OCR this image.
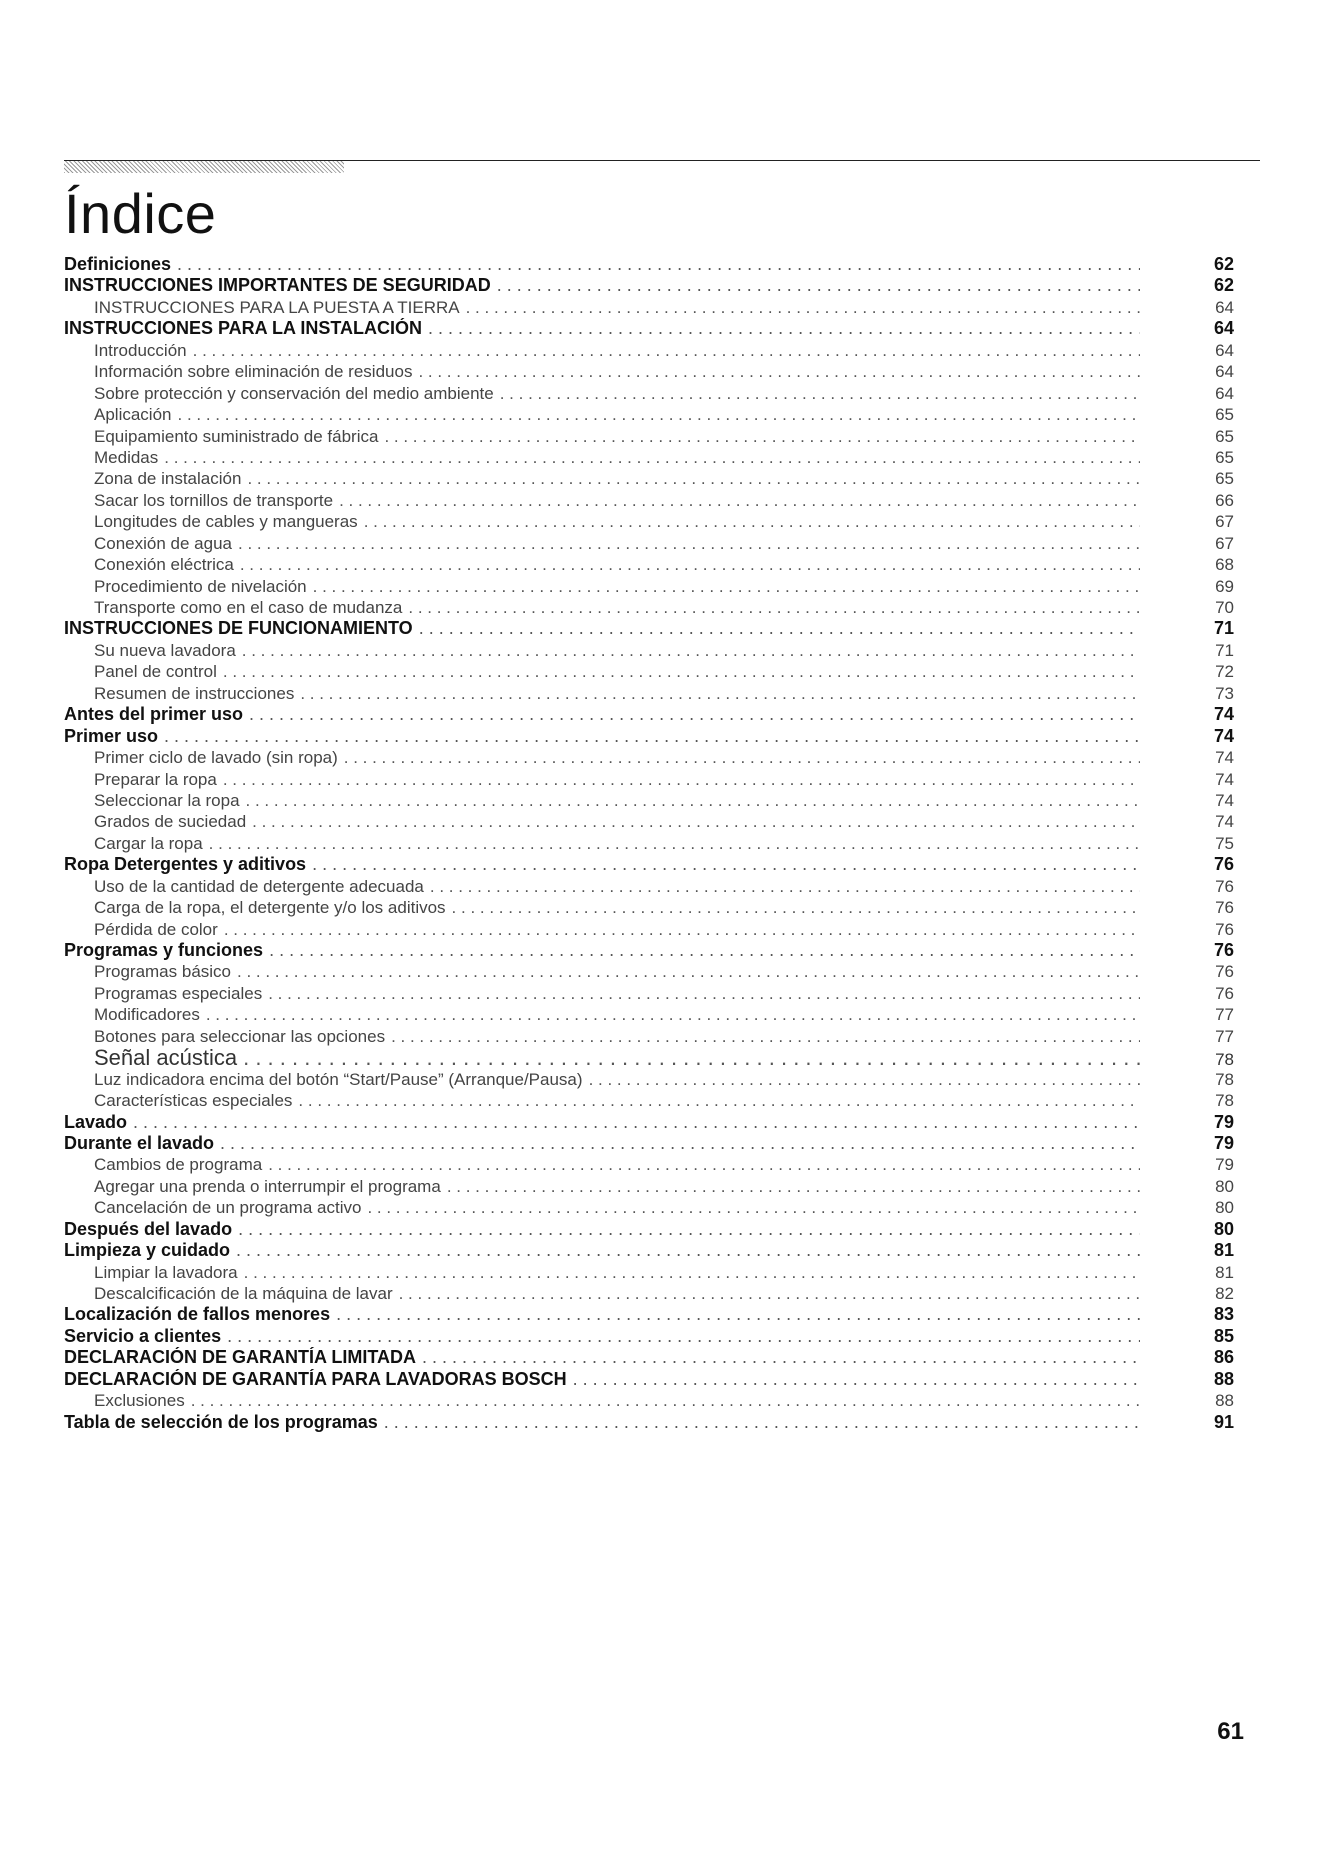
Índice
Definiciones . . .	62
INSTRUCCIONES IMPORTANTES DE SEGURIDAD . . .	62
INSTRUCCIONES PARA LA PUESTA A TIERRA . . .	64
INSTRUCCIONES PARA LA INSTALACIÓN . . .	64
Introducción . . .	64
Información sobre eliminación de residuos . . .	64
Sobre protección y conservación del medio ambiente . . .	64
Aplicación . . .	65
Equipamiento suministrado de fábrica . . .	65
Medidas . . .	65
Zona de instalación . . .	65
Sacar los tornillos de transporte . . .	66
Longitudes de cables y mangueras . . .	67
Conexión de agua . . .	67
Conexión eléctrica . . .	68
Procedimiento de nivelación . . .	69
Transporte como en el caso de mudanza . . .	70
INSTRUCCIONES DE FUNCIONAMIENTO . . .	71
Su nueva lavadora . . .	71
Panel de control . . .	72
Resumen de instrucciones . . .	73
Antes del primer uso . . .	74
Primer uso . . .	74
Primer ciclo de lavado (sin ropa) . . .	74
Preparar la ropa . . .	74
Seleccionar la ropa . . .	74
Grados de suciedad . . .	74
Cargar la ropa . . .	75
Ropa Detergentes y aditivos . . .	76
Uso de la cantidad de detergente adecuada . . .	76
Carga de la ropa, el detergente y/o los aditivos . . .	76
Pérdida de color . . .	76
Programas y funciones . . .	76
Programas básico . . .	76
Programas especiales . . .	76
Modificadores . . .	77
Botones para seleccionar las opciones . . .	77
Señal acústica . . .	78
Luz indicadora encima del botón “Start/Pause” (Arranque/Pausa) . . .	78
Características especiales . . .	78
Lavado . . .	79
Durante el lavado . . .	79
Cambios de programa . . .	79
Agregar una prenda o interrumpir el programa . . .	80
Cancelación de un programa activo . . .	80
Después del lavado . . .	80
Limpieza y cuidado . . .	81
Limpiar la lavadora . . .	81
Descalcificación de la máquina de lavar . . .	82
Localización de fallos menores . . .	83
Servicio a clientes . . .	85
DECLARACIÓN DE GARANTÍA LIMITADA . . .	86
DECLARACIÓN DE GARANTÍA PARA LAVADORAS BOSCH . . .	88
Exclusiones . . .	88
Tabla de selección de los programas . . .	91
61
